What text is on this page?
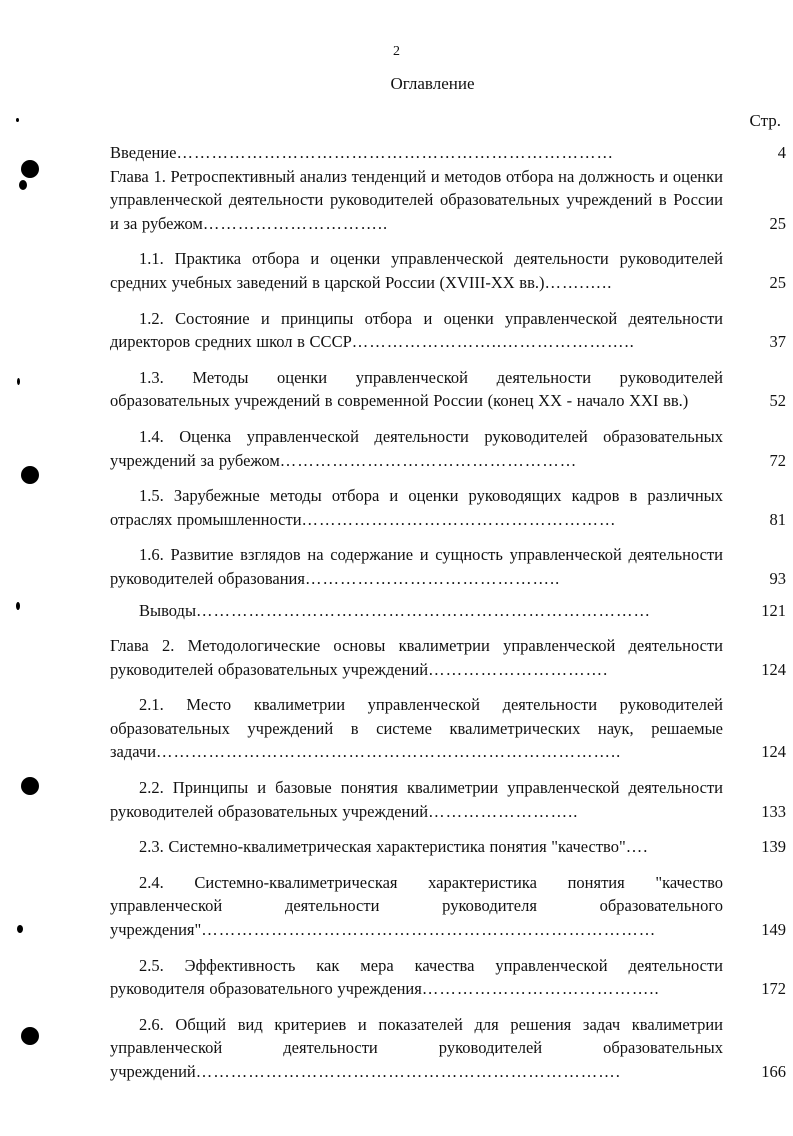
2
Оглавление
Стр.
Введение…………………………………………………………………	4
Глава 1. Ретроспективный анализ тенденций и методов отбора на должность и оценки управленческой деятельности руководителей образовательных учреждений в России и за рубежом…………………………..	25
1.1. Практика отбора и оценки управленческой деятельности руководителей средних учебных заведений в царской России (XVIII-XX вв.)…….…..	25
1.2. Состояние и принципы отбора и оценки управленческой деятельности директоров средних школ в СССР……………………..…………………..	37
1.3. Методы оценки управленческой деятельности руководителей образовательных учреждений в современной России (конец XX - начало XXI вв.)	52
1.4. Оценка управленческой деятельности руководителей образовательных учреждений за рубежом……………………………………………	72
1.5. Зарубежные методы отбора и оценки руководящих кадров в различных отраслях промышленности………………………………………………	81
1.6. Развитие взглядов на содержание и сущность управленческой деятельности руководителей образования……………………………………..	93
Выводы……………………………………………………………………	121
Глава 2. Методологические основы квалиметрии управленческой деятельности руководителей образовательных учреждений………………………….	124
2.1. Место квалиметрии управленческой деятельности руководителей образовательных учреждений в системе квалиметрических наук, решаемые задачи……………………………………………………………………..	124
2.2. Принципы и базовые понятия квалиметрии управленческой деятельности руководителей образовательных учреждений……………………..	133
2.3. Системно-квалиметрическая характеристика понятия "качество"….	139
2.4. Системно-квалиметрическая характеристика понятия "качество управленческой деятельности руководителя образовательного учреждения"……………………………………………………………………	149
2.5. Эффективность как мера качества управленческой деятельности руководителя образовательного учреждения…………………………………..	172
2.6. Общий вид критериев и показателей для решения задач квалиметрии управленческой деятельности руководителей образовательных учреждений……………………………………………………………….	166
